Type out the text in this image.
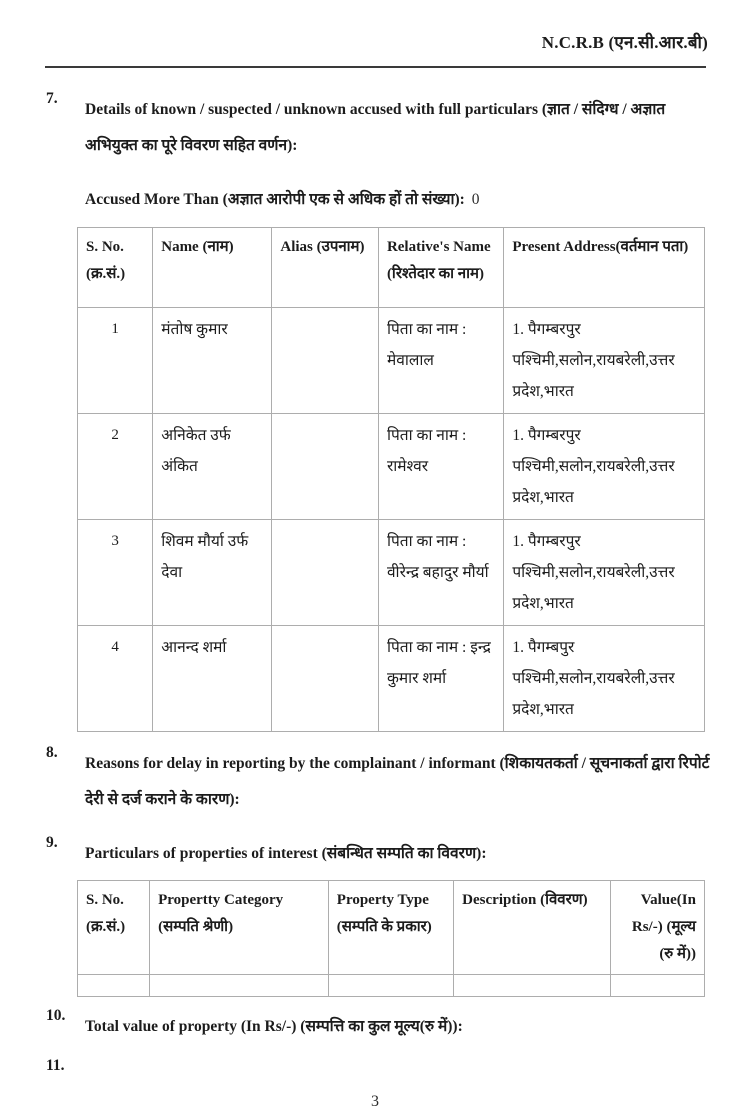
N.C.R.B (एन.सी.आर.बी)
7.
Details of known / suspected / unknown accused with full particulars (ज्ञात / संदिग्ध / अज्ञात अभियुक्त का पूरे विवरण सहित वर्णन):
Accused More Than (अज्ञात आरोपी एक से अधिक हों तो संख्या): 0
S. No. (क्र.सं.)	Name (नाम)	Alias (उपनाम)	Relative's Name (रिश्तेदार का नाम)	Present Address(वर्तमान पता)
1	मंतोष कुमार		पिता का नाम : मेवालाल	1. पैगम्बरपुर पश्चिमी,सलोन,रायबरेली,उत्तर प्रदेश,भारत
2	अनिकेत उर्फ अंकित		पिता का नाम : रामेश्वर	1. पैगम्बरपुर पश्चिमी,सलोन,रायबरेली,उत्तर प्रदेश,भारत
3	शिवम मौर्या उर्फ देवा		पिता का नाम : वीरेन्द्र बहादुर मौर्या	1. पैगम्बरपुर पश्चिमी,सलोन,रायबरेली,उत्तर प्रदेश,भारत
4	आनन्द शर्मा		पिता का नाम : इन्द्र कुमार शर्मा	1. पैगम्बपुर पश्चिमी,सलोन,रायबरेली,उत्तर प्रदेश,भारत
8.
Reasons for delay in reporting by the complainant / informant (शिकायतकर्ता / सूचनाकर्ता द्वारा रिपोर्ट देरी से दर्ज कराने के कारण):
9.
Particulars of properties of interest (संबन्धित सम्पति का विवरण):
S. No. (क्र.सं.)	Propertty Category (सम्पति श्रेणी)	Property Type (सम्पति के प्रकार)	Description (विवरण)	Value(In Rs/-) (मूल्य (रु में))

10.
Total value of property (In Rs/-) (सम्पत्ति का कुल मूल्य(रु में)):
11.
3
